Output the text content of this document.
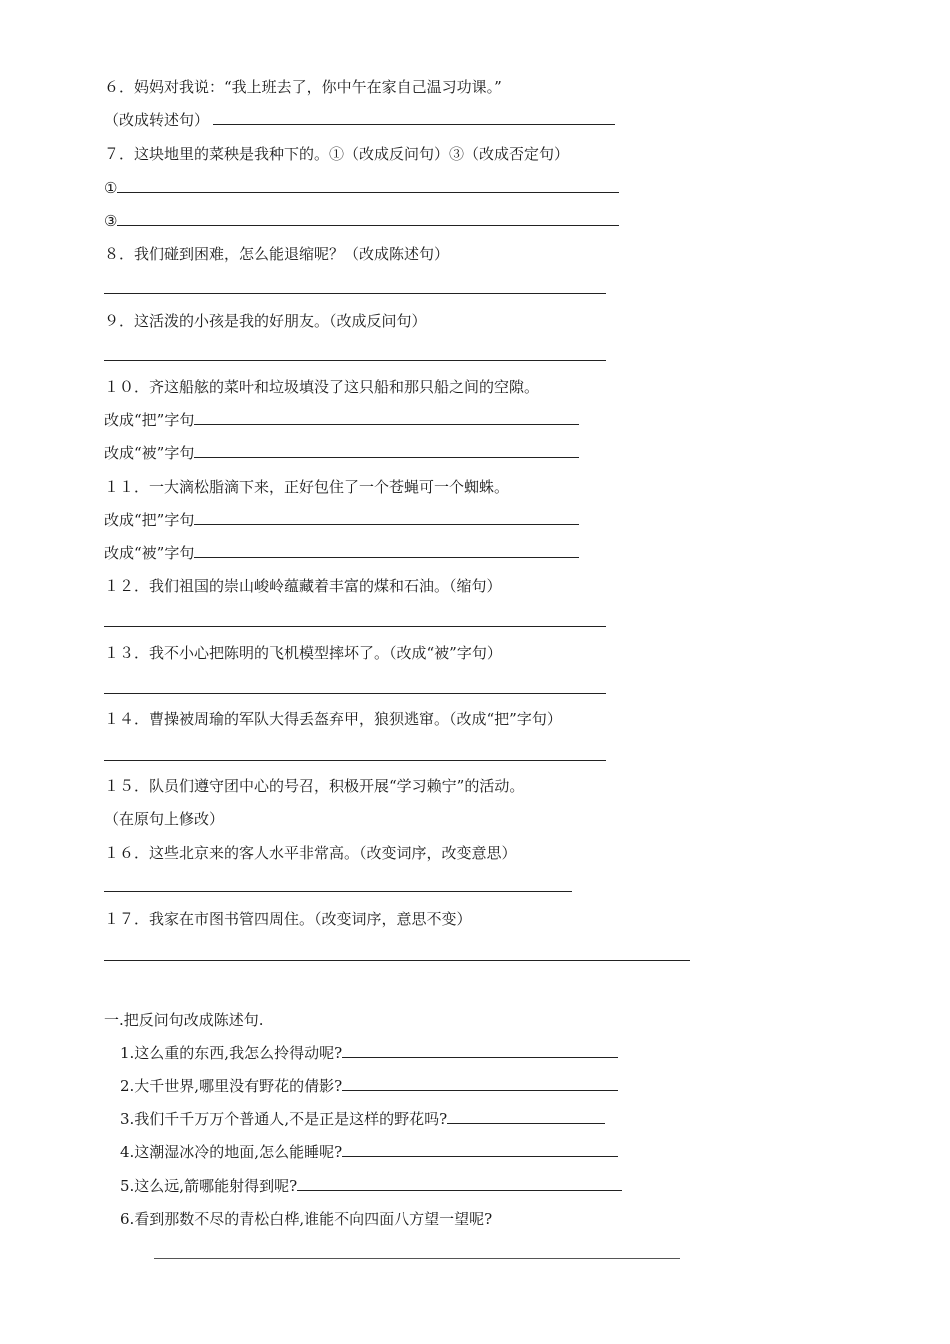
６．妈妈对我说：“我上班去了，你中午在家自己温习功课。”
（改成转述句）
７．这块地里的菜秧是我种下的。①（改成反问句）③（改成否定句）
①
③
８．我们碰到困难，怎么能退缩呢？（改成陈述句）
９．这活泼的小孩是我的好朋友。（改成反问句）
１０．齐这船舷的菜叶和垃圾填没了这只船和那只船之间的空隙。
改成“把”字句
改成“被”字句
１１．一大滴松脂滴下来，正好包住了一个苍蝇可一个蜘蛛。
改成“把”字句
改成“被”字句
１２．我们祖国的崇山峻岭蕴藏着丰富的煤和石油。（缩句）
１３．我不小心把陈明的飞机模型摔坏了。（改成“被”字句）
１４．曹操被周瑜的军队大得丢盔弃甲，狼狈逃窜。（改成“把”字句）
１５．队员们遵守团中心的号召，积极开展“学习赖宁”的活动。
（在原句上修改）
１６．这些北京来的客人水平非常高。（改变词序，改变意思）
１７．我家在市图书管四周住。（改变词序，意思不变）
一.把反问句改成陈述句.
1.这么重的东西,我怎么拎得动呢?
2.大千世界,哪里没有野花的倩影?
3.我们千千万万个普通人,不是正是这样的野花吗?
4.这潮湿冰冷的地面,怎么能睡呢?
5.这么远,箭哪能射得到呢?
6.看到那数不尽的青松白桦,谁能不向四面八方望一望呢?
